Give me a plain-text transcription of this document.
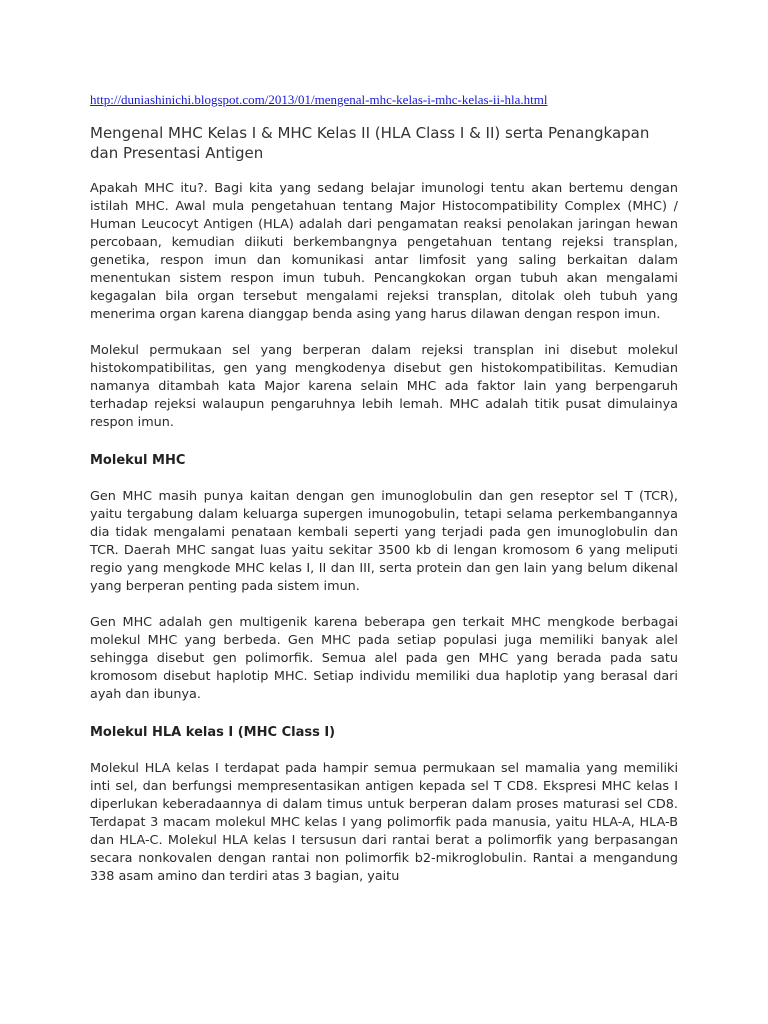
http://duniashinichi.blogspot.com/2013/01/mengenal-mhc-kelas-i-mhc-kelas-ii-hla.html
Mengenal MHC Kelas I & MHC Kelas II (HLA Class I & II) serta Penangkapan dan Presentasi Antigen

Apakah MHC itu?. Bagi kita yang sedang belajar imunologi tentu akan bertemu dengan istilah MHC. Awal mula pengetahuan tentang Major Histocompatibility Complex (MHC) / Human Leucocyt Antigen (HLA) adalah dari pengamatan reaksi penolakan jaringan hewan percobaan, kemudian diikuti berkembangnya pengetahuan tentang rejeksi transplan, genetika, respon imun dan komunikasi antar limfosit yang saling berkaitan dalam menentukan sistem respon imun tubuh. Pencangkokan organ tubuh akan mengalami kegagalan bila organ tersebut mengalami rejeksi transplan, ditolak oleh tubuh yang menerima organ karena dianggap benda asing yang harus dilawan dengan respon imun.

Molekul permukaan sel yang berperan dalam rejeksi transplan ini disebut molekul histokompatibilitas, gen yang mengkodenya disebut gen histokompatibilitas. Kemudian namanya ditambah kata Major karena selain MHC ada faktor lain yang berpengaruh terhadap rejeksi walaupun pengaruhnya lebih lemah. MHC adalah titik pusat dimulainya respon imun.

Molekul MHC

Gen MHC masih punya kaitan dengan gen imunoglobulin dan gen reseptor sel T (TCR), yaitu tergabung dalam keluarga supergen imunogobulin, tetapi selama perkembangannya dia tidak mengalami penataan kembali seperti yang terjadi pada gen imunoglobulin dan TCR. Daerah MHC sangat luas yaitu sekitar 3500 kb di lengan kromosom 6 yang meliputi regio yang mengkode MHC kelas I, II dan III, serta protein dan gen lain yang belum dikenal yang berperan penting pada sistem imun.

Gen MHC adalah gen multigenik karena beberapa gen terkait MHC mengkode berbagai molekul MHC yang berbeda. Gen MHC pada setiap populasi juga memiliki banyak alel sehingga disebut gen polimorfik. Semua alel pada gen MHC yang berada pada satu kromosom disebut haplotip MHC. Setiap individu memiliki dua haplotip yang berasal dari ayah dan ibunya.

Molekul HLA kelas I (MHC Class I)

Molekul HLA kelas I terdapat pada hampir semua permukaan sel mamalia yang memiliki inti sel, dan berfungsi mempresentasikan antigen kepada sel T CD8. Ekspresi MHC kelas I diperlukan keberadaannya di dalam timus untuk berperan dalam proses maturasi sel CD8. Terdapat 3 macam molekul MHC kelas I yang polimorfik pada manusia, yaitu HLA-A, HLA-B dan HLA-C. Molekul HLA kelas I tersusun dari rantai berat a polimorfik yang berpasangan secara nonkovalen dengan rantai non polimorfik b2-mikroglobulin. Rantai a mengandung 338 asam amino dan terdiri atas 3 bagian, yaitu
